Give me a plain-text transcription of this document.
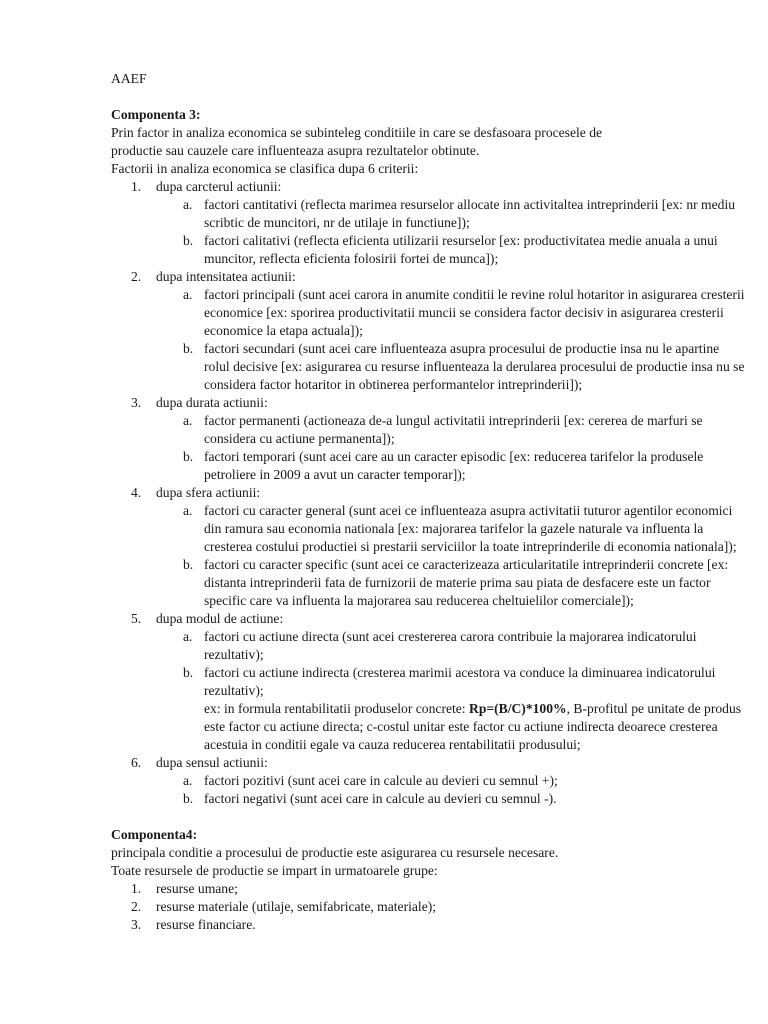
AAEF

Componenta 3:

Prin factor in analiza economica se subinteleg conditiile in care se desfasoara procesele de
productie sau cauzele care influenteaza asupra rezultatelor obtinute.
Factorii in analiza economica se clasifica dupa 6 criterii:

1. dupa carcterul actiunii:
a. factori cantitativi (reflecta marimea resurselor allocate inn activitaltea intreprinderii [ex: nr mediu scribtic de muncitori, nr de utilaje in functiune]);
b. factori calitativi (reflecta eficienta utilizarii resurselor [ex: productivitatea medie anuala a unui muncitor, reflecta eficienta folosirii fortei de munca]);
2. dupa intensitatea actiunii:
a. factori principali (sunt acei carora in anumite conditii le revine rolul hotaritor in asigurarea cresterii economice [ex: sporirea productivitatii muncii se considera factor decisiv in asigurarea cresterii economice la etapa actuala]);
b. factori secundari (sunt acei care influenteaza asupra procesului de productie insa nu le apartine rolul decisive [ex: asigurarea cu resurse influenteaza la derularea procesului de productie insa nu se considera factor hotaritor in obtinerea performantelor intreprinderii]);
3. dupa durata actiunii:
a. factor permanenti (actioneaza de-a lungul activitatii intreprinderii [ex: cererea de marfuri se considera cu actiune permanenta]);
b. factori temporari (sunt acei care au un caracter episodic [ex: reducerea tarifelor la produsele petroliere in 2009 a avut un caracter temporar]);
4. dupa sfera actiunii:
a. factori cu caracter general (sunt acei ce influenteaza asupra activitatii tuturor agentilor economici din ramura sau economia nationala [ex: majorarea tarifelor la gazele naturale va influenta la cresterea costului productiei si prestarii serviciilor la toate intreprinderile di economia nationala]);
b. factori cu caracter specific (sunt acei ce caracterizeaza articularitatile intreprinderii concrete [ex: distanta intreprinderii fata de furnizorii de materie prima sau piata de desfacere este un factor specific care va influenta la majorarea sau reducerea cheltuielilor comerciale]);
5. dupa modul de actiune:
a. factori cu actiune directa (sunt acei crestererea carora contribuie la majorarea indicatorului rezultativ);
b. factori cu actiune indirecta (cresterea marimii acestora va conduce la diminuarea indicatorului rezultativ);

ex: in formula rentabilitatii produselor concrete: Rp=(B/C)*100%, B-profitul pe unitate de produs este factor cu actiune directa; c-costul unitar este factor cu actiune indirecta deoarece cresterea acestuia in conditii egale va cauza reducerea rentabilitatii produsului;

6. dupa sensul actiunii:
a. factori pozitivi (sunt acei care in calcule au devieri cu semnul +);
b. factori negativi (sunt acei care in calcule au devieri cu semnul -).

Componenta4:

principala conditie a procesului de productie este asigurarea cu resursele necesare.
Toate resursele de productie se impart in urmatoarele grupe:

1. resurse umane;
2. resurse materiale (utilaje, semifabricate, materiale);
3. resurse financiare.
